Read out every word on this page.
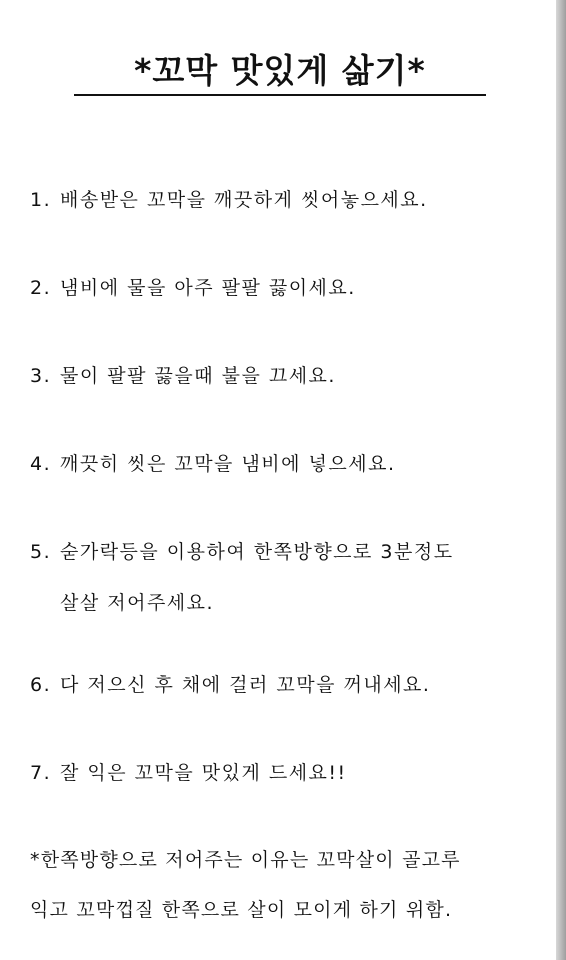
*꼬막 맛있게 삶기*
1. 배송받은 꼬막을 깨끗하게 씻어놓으세요.
2. 냄비에 물을 아주 팔팔 끓이세요.
3. 물이 팔팔 끓을때 불을 끄세요.
4. 깨끗히 씻은 꼬막을 냄비에 넣으세요.
5. 숟가락등을 이용하여 한쪽방향으로 3분정도
살살 저어주세요.
6. 다 저으신 후 채에 걸러 꼬막을 꺼내세요.
7. 잘 익은 꼬막을 맛있게 드세요!!
*한쪽방향으로 저어주는 이유는 꼬막살이 골고루
익고 꼬막껍질 한쪽으로 살이 모이게 하기 위함.
